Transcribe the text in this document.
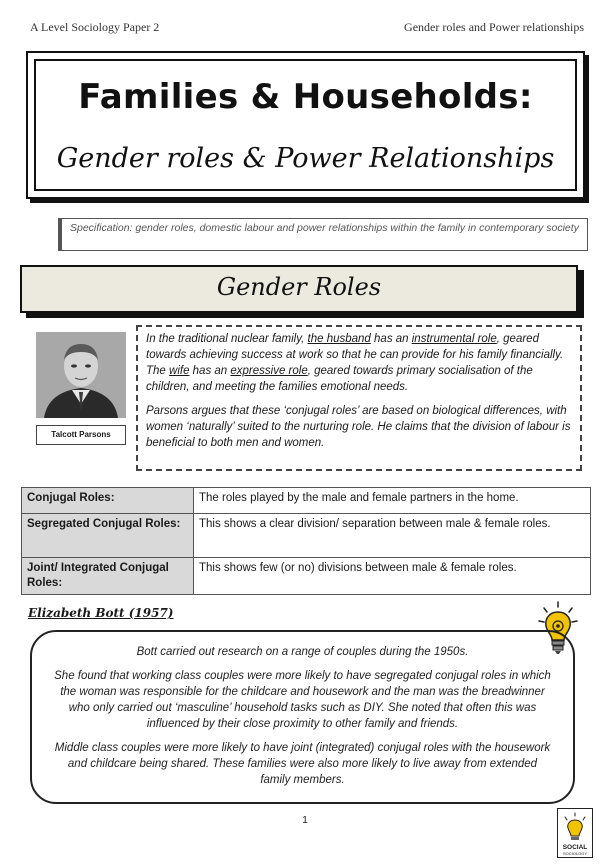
A Level Sociology Paper 2	Gender roles and Power relationships
Families & Households:
Gender roles & Power Relationships
Specification: gender roles, domestic labour and power relationships within the family in contemporary society
Gender Roles
Talcott Parsons

In the traditional nuclear family, the husband has an instrumental role, geared towards achieving success at work so that he can provide for his family financially. The wife has an expressive role, geared towards primary socialisation of the children, and meeting the families emotional needs.

Parsons argues that these ‘conjugal roles’ are based on biological differences, with women ‘naturally’ suited to the nurturing role. He claims that the division of labour is beneficial to both men and women.

Conjugal Roles:	The roles played by the male and female partners in the home.
Segregated Conjugal Roles:	This shows a clear division/ separation between male & female roles.
Joint/ Integrated Conjugal Roles:	This shows few (or no) divisions between male & female roles.
Elizabeth Bott (1957)

Bott carried out research on a range of couples during the 1950s.

She found that working class couples were more likely to have segregated conjugal roles in which the woman was responsible for the childcare and housework and the man was the breadwinner who only carried out ‘masculine’ household tasks such as DIY. She noted that often this was influenced by their close proximity to other family and friends.

Middle class couples were more likely to have joint (integrated) conjugal roles with the housework and childcare being shared. These families were also more likely to live away from extended family members.

1
SOCIAL
SOCIOLOGY
